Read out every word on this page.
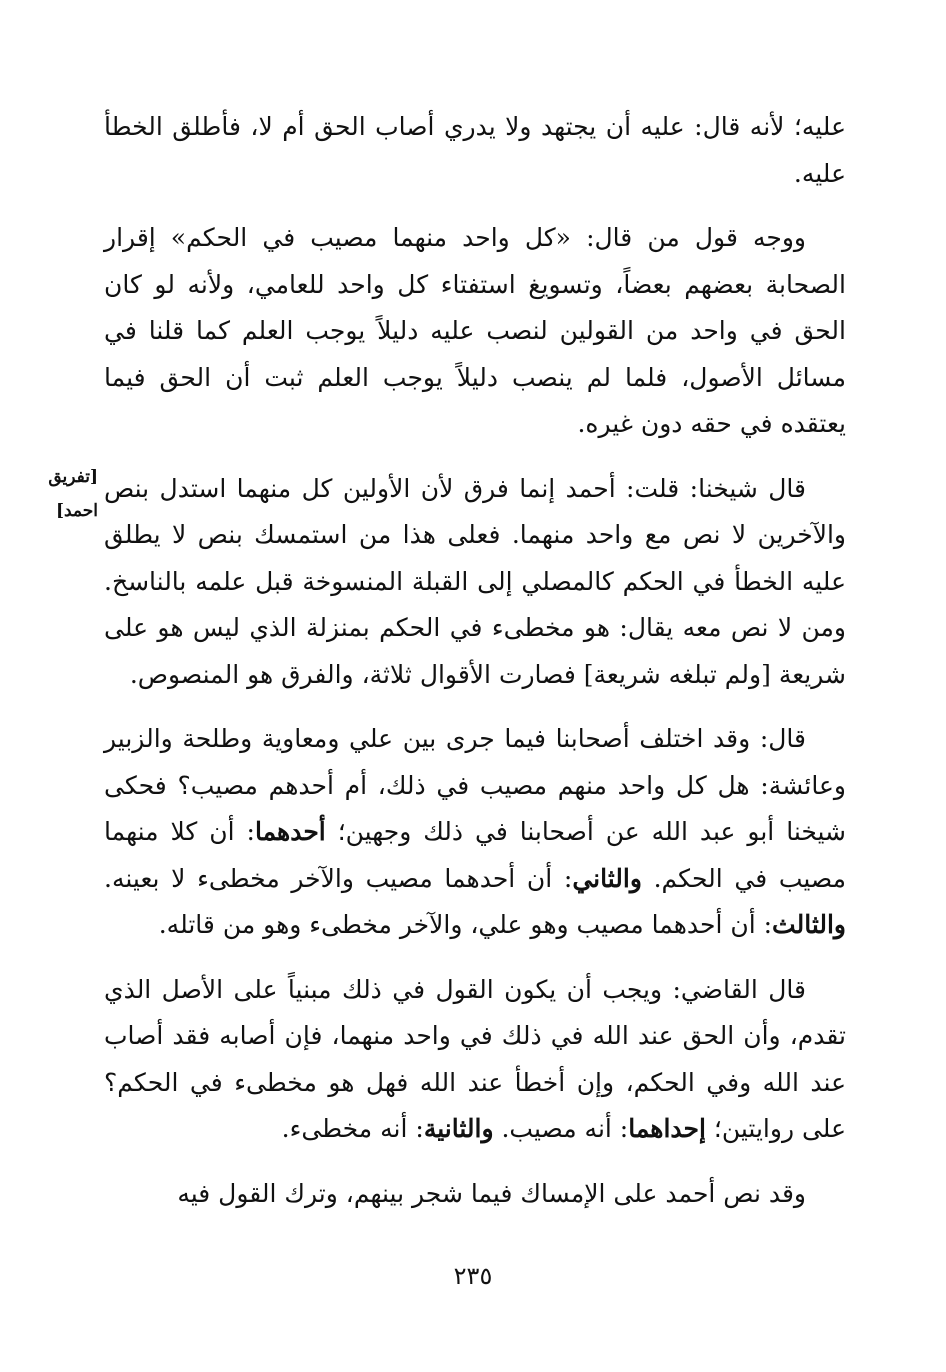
[تفريق احمد]

عليه؛ لأنه قال: عليه أن يجتهد ولا يدري أصاب الحق أم لا، فأطلق الخطأ عليه.

ووجه قول من قال: «كل واحد منهما مصيب في الحكم» إقرار الصحابة بعضهم بعضاً، وتسويغ استفتاء كل واحد للعامي، ولأنه لو كان الحق في واحد من القولين لنصب عليه دليلاً يوجب العلم كما قلنا في مسائل الأصول، فلما لم ينصب دليلاً يوجب العلم ثبت أن الحق فيما يعتقده في حقه دون غيره.

قال شيخنا: قلت: أحمد إنما فرق لأن الأولين كل منهما استدل بنص والآخرين لا نص مع واحد منهما. فعلى هذا من استمسك بنص لا يطلق عليه الخطأ في الحكم كالمصلي إلى القبلة المنسوخة قبل علمه بالناسخ. ومن لا نص معه يقال: هو مخطىء في الحكم بمنزلة الذي ليس هو على شريعة [ولم تبلغه شريعة] فصارت الأقوال ثلاثة، والفرق هو المنصوص.

قال: وقد اختلف أصحابنا فيما جرى بين علي ومعاوية وطلحة والزبير وعائشة: هل كل واحد منهم مصيب في ذلك، أم أحدهم مصيب؟ فحكى شيخنا أبو عبد الله عن أصحابنا في ذلك وجهين؛ أحدهما: أن كلا منهما مصيب في الحكم. والثاني: أن أحدهما مصيب والآخر مخطىء لا بعينه. والثالث: أن أحدهما مصيب وهو علي، والآخر مخطىء وهو من قاتله.

قال القاضي: ويجب أن يكون القول في ذلك مبنياً على الأصل الذي تقدم، وأن الحق عند الله في ذلك في واحد منهما، فإن أصابه فقد أصاب عند الله وفي الحكم، وإن أخطأ عند الله فهل هو مخطىء في الحكم؟ على روايتين؛ إحداهما: أنه مصيب. والثانية: أنه مخطىء.

وقد نص أحمد على الإمساك فيما شجر بينهم، وترك القول فيه

٢٣٥
